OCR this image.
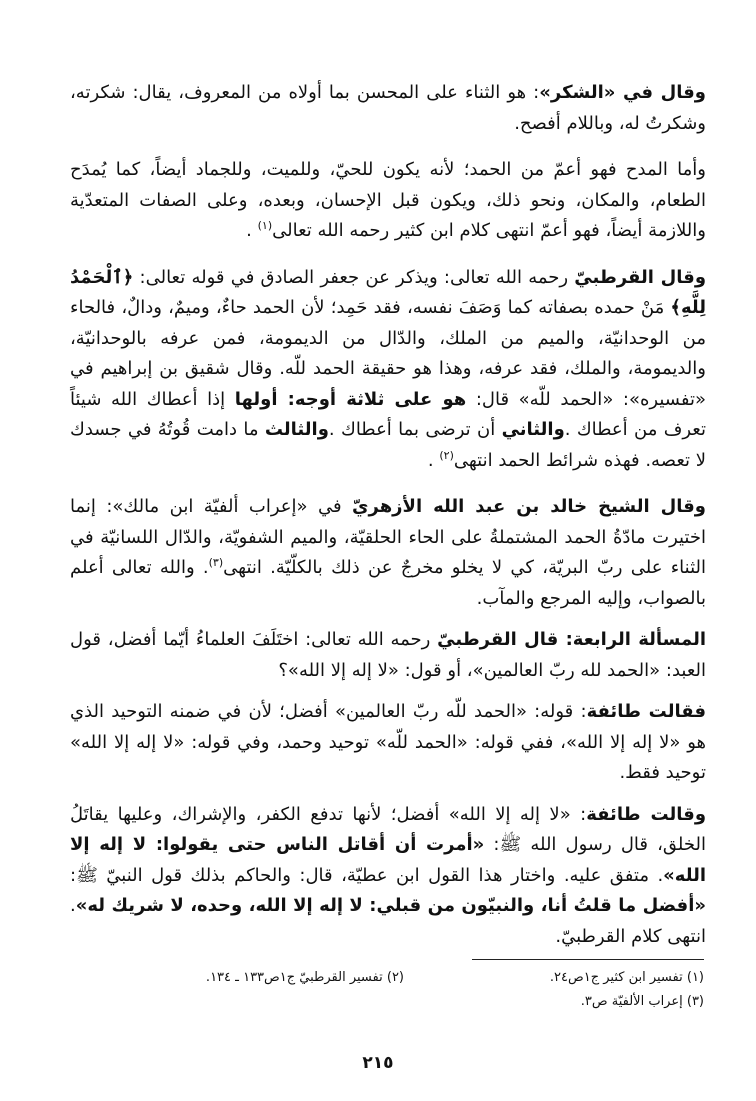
وقال في «الشكر»: هو الثناء على المحسن بما أولاه من المعروف، يقال: شكرته، وشكرتُ له، وباللام أفصح.

وأما المدح فهو أعمّ من الحمد؛ لأنه يكون للحيّ، وللميت، وللجماد أيضاً، كما يُمدَح الطعام، والمكان، ونحو ذلك، ويكون قبل الإحسان، وبعده، وعلى الصفات المتعدّية واللازمة أيضاً، فهو أعمّ انتهى كلام ابن كثير رحمه الله تعالى$^{(١)}$ .

وقال القرطبيّ رحمه الله تعالى: ويذكر عن جعفر الصادق في قوله تعالى: ﴿ٱلْحَمْدُ لِلَّهِ﴾ مَنْ حمده بصفاته كما وَصَفَ نفسه، فقد حَمِد؛ لأن الحمد حاءٌ، وميمٌ، ودالٌ، فالحاء من الوحدانيّة، والميم من الملك، والدّال من الديمومة، فمن عرفه بالوحدانيّة، والديمومة، والملك، فقد عرفه، وهذا هو حقيقة الحمد للّه. وقال شقيق بن إبراهيم في «تفسيره»: «الحمد للّه» قال: هو على ثلاثة أوجه: أولها إذا أعطاك الله شيئاً تعرف من أعطاك .والثاني أن ترضى بما أعطاك .والثالث ما دامت قُوتُهُ في جسدك لا تعصه. فهذه شرائط الحمد انتهى$^{(٢)}$ .

وقال الشيخ خالد بن عبد الله الأزهريّ في «إعراب ألفيّة ابن مالك»: إنما اختيرت مادّةُ الحمد المشتملةُ على الحاء الحلقيّة، والميم الشفويّة، والدّال اللسانيّة في الثناء على ربّ البريّة، كي لا يخلو مخرجٌ عن ذلك بالكلّيّة. انتهى$^{(٣)}$. والله تعالى أعلم بالصواب، وإليه المرجع والمآب.

المسألة الرابعة: قال القرطبيّ رحمه الله تعالى: اختَلَفَ العلماءُ أيّما أفضل، قول العبد: «الحمد لله ربّ العالمين»، أو قول: «لا إله إلا الله»؟

فقالت طائفة: قوله: «الحمد للّه ربّ العالمين» أفضل؛ لأن في ضمنه التوحيد الذي هو «لا إله إلا الله»، ففي قوله: «الحمد للّه» توحيد وحمد، وفي قوله: «لا إله إلا الله» توحيد فقط.

وقالت طائفة: «لا إله إلا الله» أفضل؛ لأنها تدفع الكفر، والإشراك، وعليها يقاتَلُ الخلق، قال رسول الله ﷺ: «أمرت أن أقاتل الناس حتى يقولوا: لا إله إلا الله». متفق عليه. واختار هذا القول ابن عطيّة، قال: والحاكم بذلك قول النبيّ ﷺ: «أفضل ما قلتُ أنا، والنبيّون من قبلي: لا إله إلا الله، وحده، لا شريك له». انتهى كلام القرطبيّ.

(١) تفسير ابن كثير ج١ص٢٤.
(٢) تفسير القرطبيّ ج١ص١٣٣ ـ ١٣٤.
(٣) إعراب الألفيّة ص٣.
٢١٥
